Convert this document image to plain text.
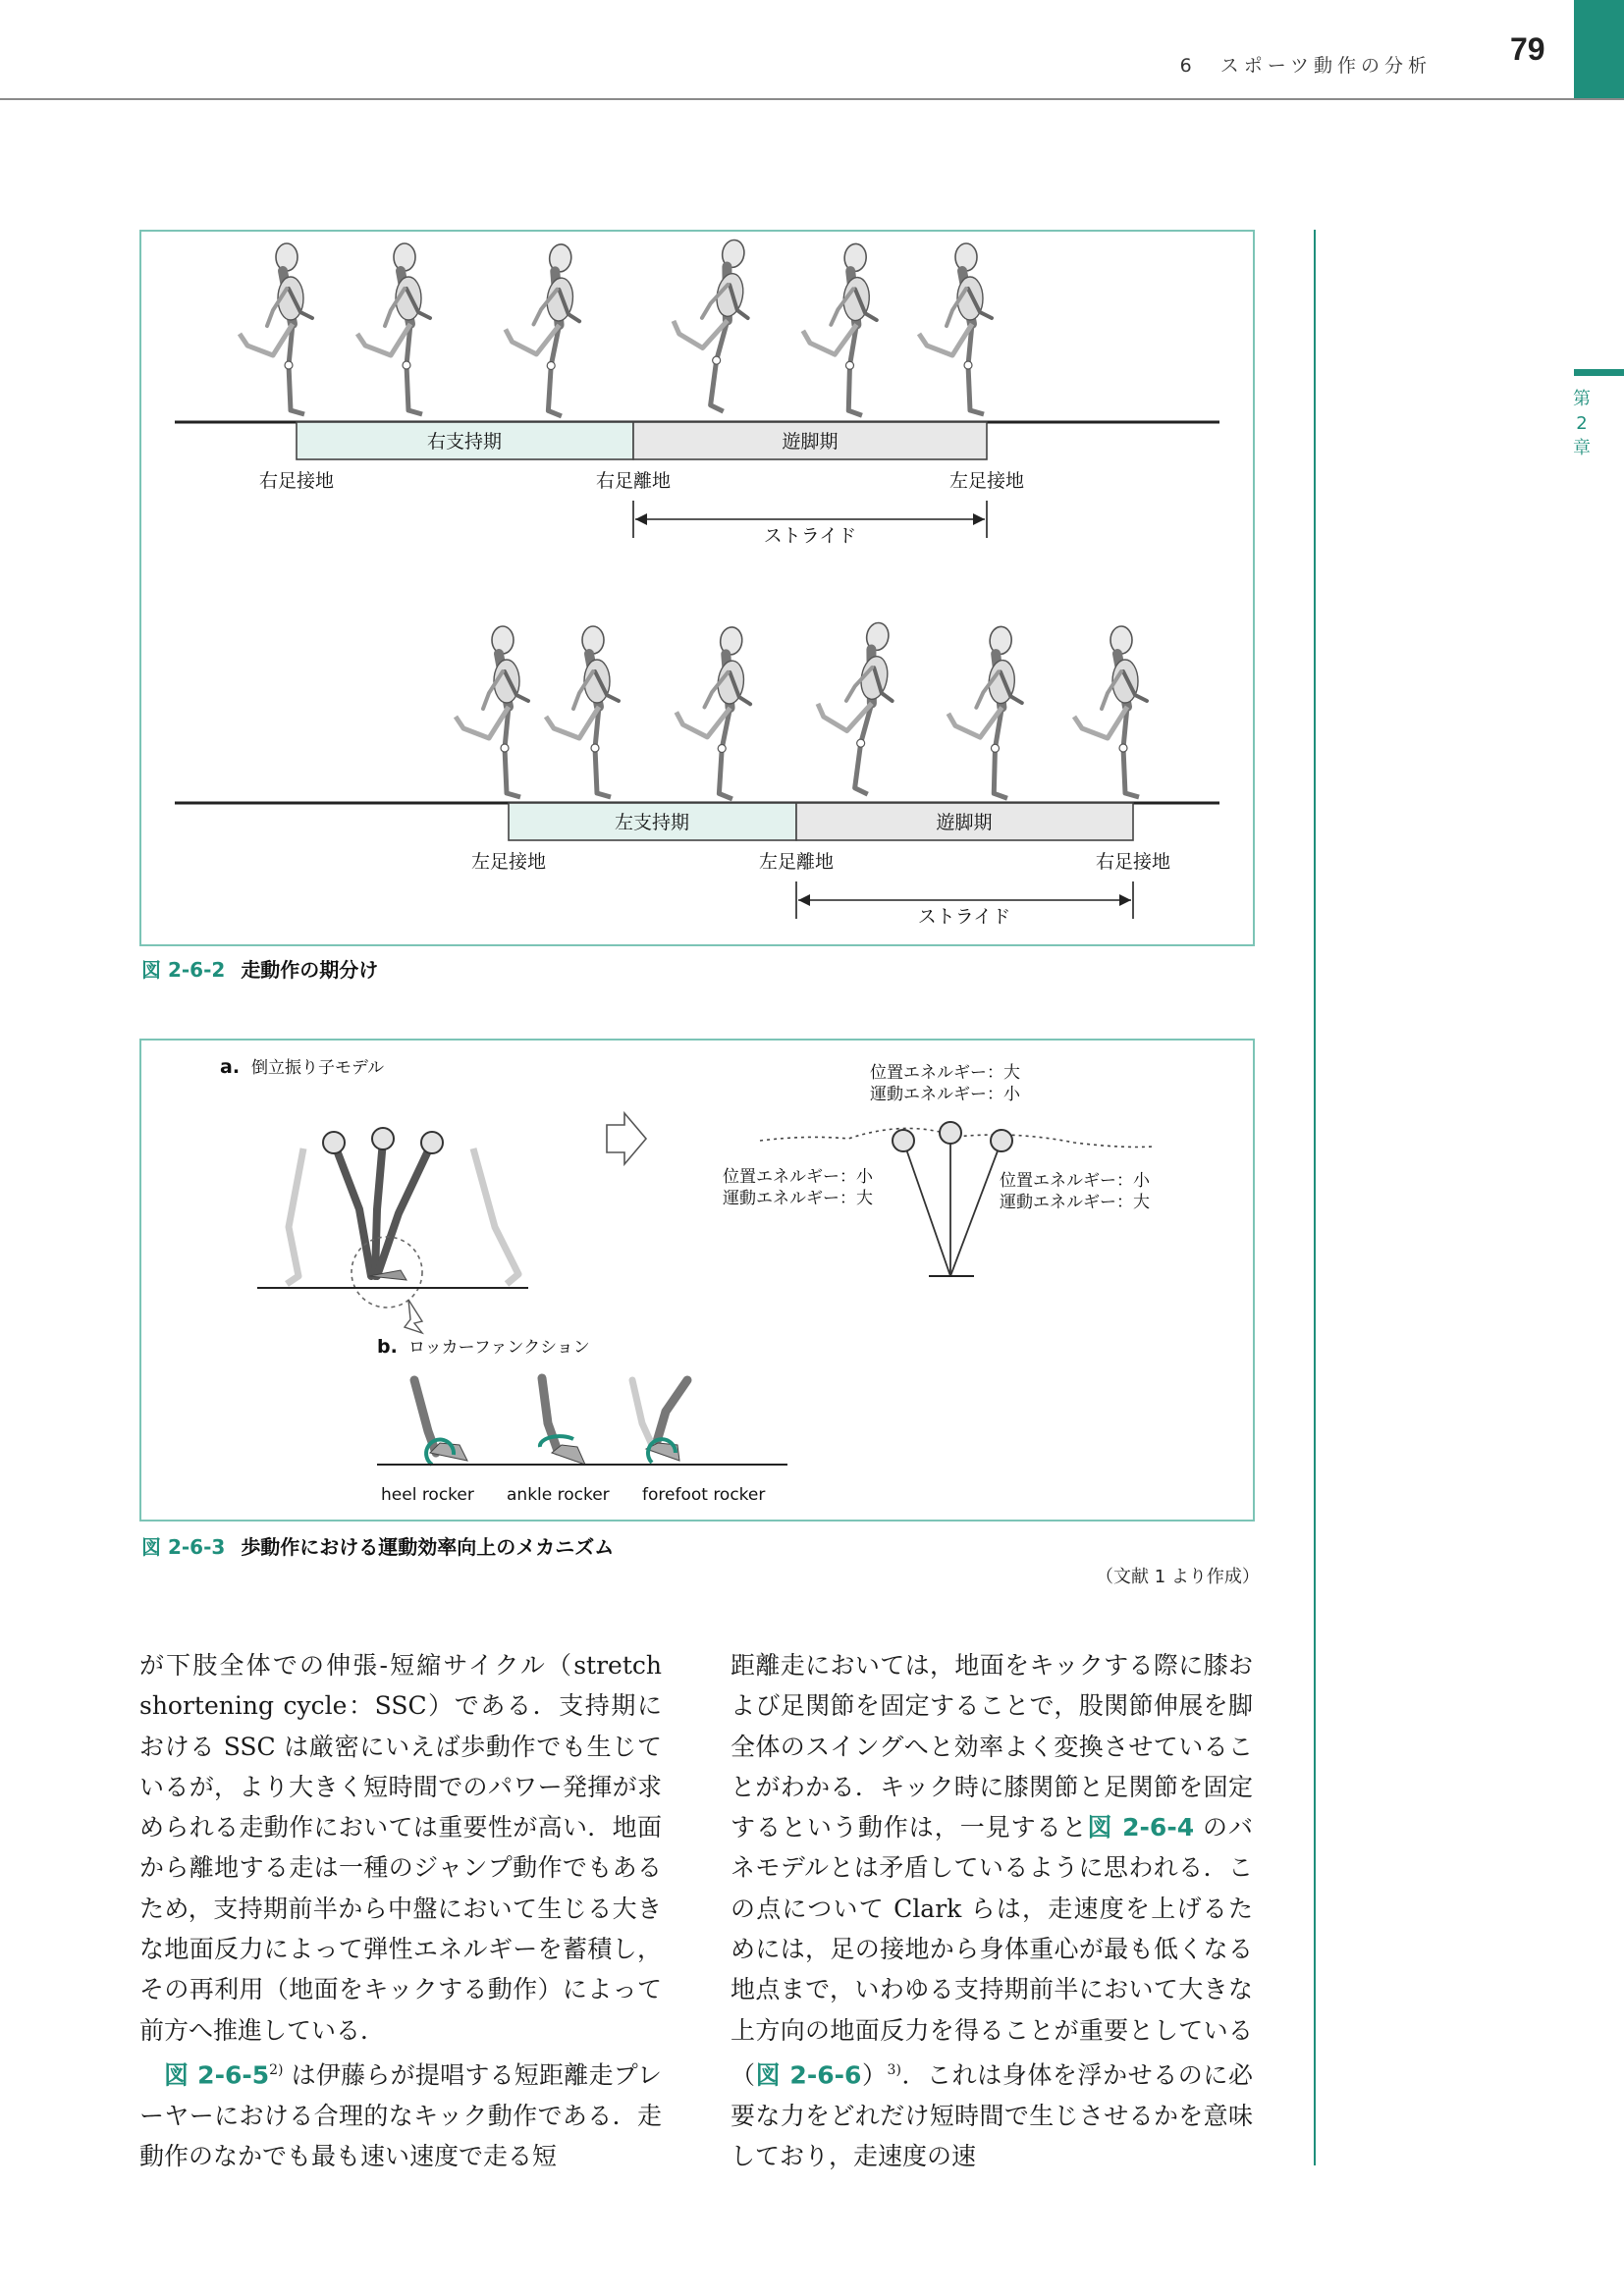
6　スポーツ動作の分析	79
第
2
章
右支持期	遊脚期
右足接地	右足離地	左足接地
ストライド
左支持期	遊脚期
左足接地	左足離地	右足接地
ストライド
図 2-6-2 走動作の期分け
a. 倒立振り子モデル	位置エネルギー：大
運動エネルギー：小
位置エネルギー：小
運動エネルギー：大
位置エネルギー：小
運動エネルギー：大
b. ロッカーファンクション
heel rocker ankle rocker forefoot rocker
図 2-6-3 歩動作における運動効率向上のメカニズム
（文献 1 より作成）

が下肢全体での伸張-短縮サイクル（stretch shortening cycle：SSC）である．支持期における SSC は厳密にいえば歩動作でも生じているが，より大きく短時間でのパワー発揮が求められる走動作においては重要性が高い．地面から離地する走は一種のジャンプ動作でもあるため，支持期前半から中盤において生じる大きな地面反力によって弾性エネルギーを蓄積し，その再利用（地面をキックする動作）によって前方へ推進している．

図 2-6-5$^{2)}$ は伊藤らが提唱する短距離走プレーヤーにおける合理的なキック動作である．走動作のなかでも最も速い速度で走る短

距離走においては，地面をキックする際に膝および足関節を固定することで，股関節伸展を脚全体のスイングへと効率よく変換させていることがわかる．キック時に膝関節と足関節を固定するという動作は，一見すると図 2-6-4 のバネモデルとは矛盾しているように思われる．この点について Clark らは，走速度を上げるためには，足の接地から身体重心が最も低くなる地点まで，いわゆる支持期前半において大きな上方向の地面反力を得ることが重要としている（図 2-6-6）$^{3)}$．これは身体を浮かせるのに必要な力をどれだけ短時間で生じさせるかを意味しており，走速度の速
